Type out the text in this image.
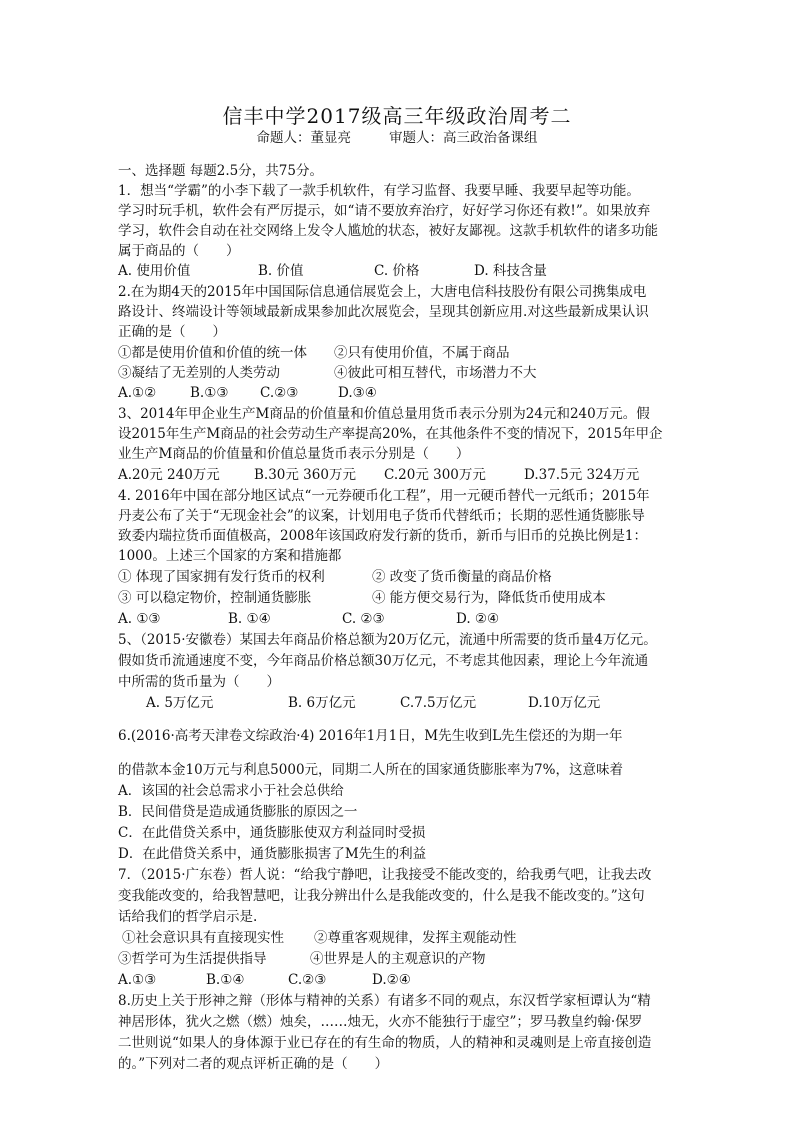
信丰中学2017级高三年级政治周考二
命题人：董显亮	审题人：高三政治备课组
一、选择题 每题2.5分，共75分。
1．想当“学霸”的小李下载了一款手机软件，有学习监督、我要早睡、我要早起等功能。
学习时玩手机，软件会有严厉提示，如“请不要放弃治疗，好好学习你还有救!”。如果放弃
学习，软件会自动在社交网络上发令人尴尬的状态，被好友鄙视。这款手机软件的诸多功能
属于商品的（　　）
A. 使用价值	B. 价值	C. 价格	D. 科技含量
2.在为期4天的2015年中国国际信息通信展览会上，大唐电信科技股份有限公司携集成电
路设计、终端设计等领域最新成果参加此次展览会，呈现其创新应用.对这些最新成果认识
正确的是（　　）
①都是使用价值和价值的统一体 ②只有使用价值，不属于商品
③凝结了无差别的人类劳动	④彼此可相互替代，市场潜力不大
A.①②	B.①③ C.②③	D.③④
3、2014年甲企业生产M商品的价值量和价值总量用货币表示分别为24元和240万元。假
设2015年生产M商品的社会劳动生产率提高20%，在其他条件不变的情况下，2015年甲企
业生产M商品的价值量和价值总量货币表示分别是（　　）
A.20元 240万元	B.30元 360万元 C.20元 300万元	D.37.5元 324万元
4. 2016年中国在部分地区试点“一元券硬币化工程”，用一元硬币替代一元纸币；2015年
丹麦公布了关于“无现金社会”的议案，计划用电子货币代替纸币；长期的恶性通货膨胀导
致委内瑞拉货币面值极高，2008年该国政府发行新的货币，新币与旧币的兑换比例是1：
1000。上述三个国家的方案和措施都
① 体现了国家拥有发行货币的权利	② 改变了货币衡量的商品价格
③ 可以稳定物价，控制通货膨胀	④ 能方便交易行为，降低货币使用成本
A. ①③	B. ①④	C. ②③	D. ②④
5、（2015·安徽卷）某国去年商品价格总额为20万亿元，流通中所需要的货币量4万亿元。
假如货币流通速度不变，今年商品价格总额30万亿元，不考虑其他因素，理论上今年流通
中所需的货币量为（　　）
A. 5万亿元	B. 6万亿元	C.7.5万亿元	D.10万亿元
6.(2016·高考天津卷文综政治·4) 2016年1月1日，M先生收到L先生偿还的为期一年
的借款本金10万元与利息5000元，同期二人所在的国家通货膨胀率为7%，这意味着
A．该国的社会总需求小于社会总供给
B．民间借贷是造成通货膨胀的原因之一
C．在此借贷关系中，通货膨胀使双方利益同时受损
D．在此借贷关系中，通货膨胀损害了M先生的利益
7．（2015·广东卷）哲人说：“给我宁静吧，让我接受不能改变的，给我勇气吧，让我去改
变我能改变的，给我智慧吧，让我分辨出什么是我能改变的，什么是我不能改变的。”这句
话给我们的哲学启示是.
①社会意识具有直接现实性 ②尊重客观规律，发挥主观能动性
③哲学可为生活提供指导	④世界是人的主观意识的产物
A.①③	B.①④	C.②③	D.②④
8.历史上关于形神之辩（形体与精神的关系）有诸多不同的观点，东汉哲学家桓谭认为“精
神居形体，犹火之燃（燃）烛矣，……烛无，火亦不能独行于虚空”；罗马教皇约翰·保罗
二世则说“如果人的身体源于业已存在的有生命的物质，人的精神和灵魂则是上帝直接创造
的。”下列对二者的观点评析正确的是（　　）
